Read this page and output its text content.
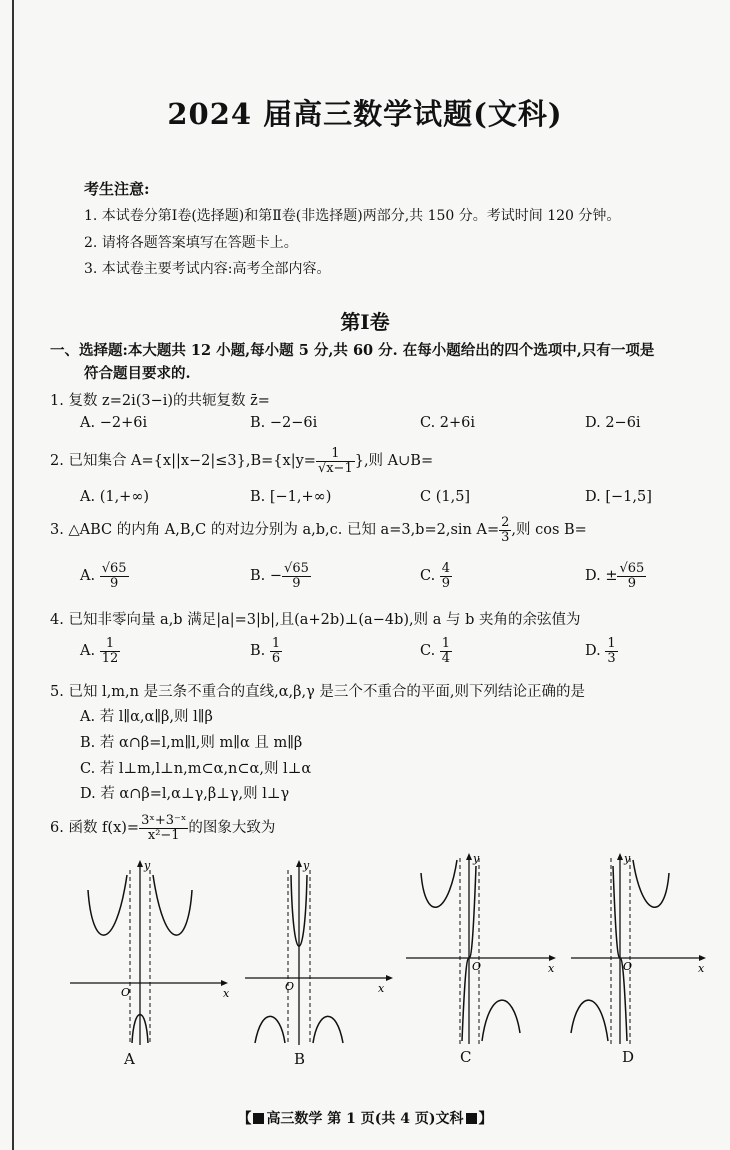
2024 届高三数学试题(文科)
考生注意:
1. 本试卷分第Ⅰ卷(选择题)和第Ⅱ卷(非选择题)两部分,共 150 分。考试时间 120 分钟。
2. 请将各题答案填写在答题卡上。
3. 本试卷主要考试内容:高考全部内容。
第Ⅰ卷
一、选择题:本大题共 12 小题,每小题 5 分,共 60 分. 在每小题给出的四个选项中,只有一项是
符合题目要求的.
1. 复数 z=2i(3−i)的共轭复数 z̄=
A. −2+6i	B. −2−6i	C. 2+6i	D. 2−6i
2. 已知集合 $A=\{x||x-2|\le 3\},B=\{x|y= \frac{1}{√x-1}$ },则 A∪B=
A. (1,+∞)	B. [−1,+∞)	C (1,5]	D. [−1,5]
3. △ABC 的内角 A,B,C 的对边分别为 a,b,c. 已知 a=3,b=2,sin $A= \frac{2}{3}$ ,则 cos B=
A. $\frac{√65}{9}$	B. − $\frac{√65}{9}$	C. $\frac{4}{9}$	D. ± $\frac{√65}{9}$
4. 已知非零向量 a,b 满足|a|=3|b|,且(a+2b)⊥(a−4b),则 a 与 b 夹角的余弦值为
A. $\frac{1}{12}$	B. $\frac{1}{6}$	C. $\frac{1}{4}$	D. $\frac{1}{3}$
5. 已知 l,m,n 是三条不重合的直线,α,β,γ 是三个不重合的平面,则下列结论正确的是
A. 若 l∥α,α∥β,则 l∥β
B. 若 α∩β=l,m∥l,则 m∥α 且 m∥β
C. 若 l⊥m,l⊥n,m⊂α,n⊂α,则 l⊥α
D. 若 α∩β=l,α⊥γ,β⊥γ,则 l⊥γ
6. 函数 $f(x)= \frac{\text{3ˣ+3⁻ˣ}}{\text{x²−1}}$ 的图象大致为
O	x
y
A
O	x
y
B
O	x
y
C
O	x
y
D
【 高三数学 第 1 页(共 4 页)文科 】
